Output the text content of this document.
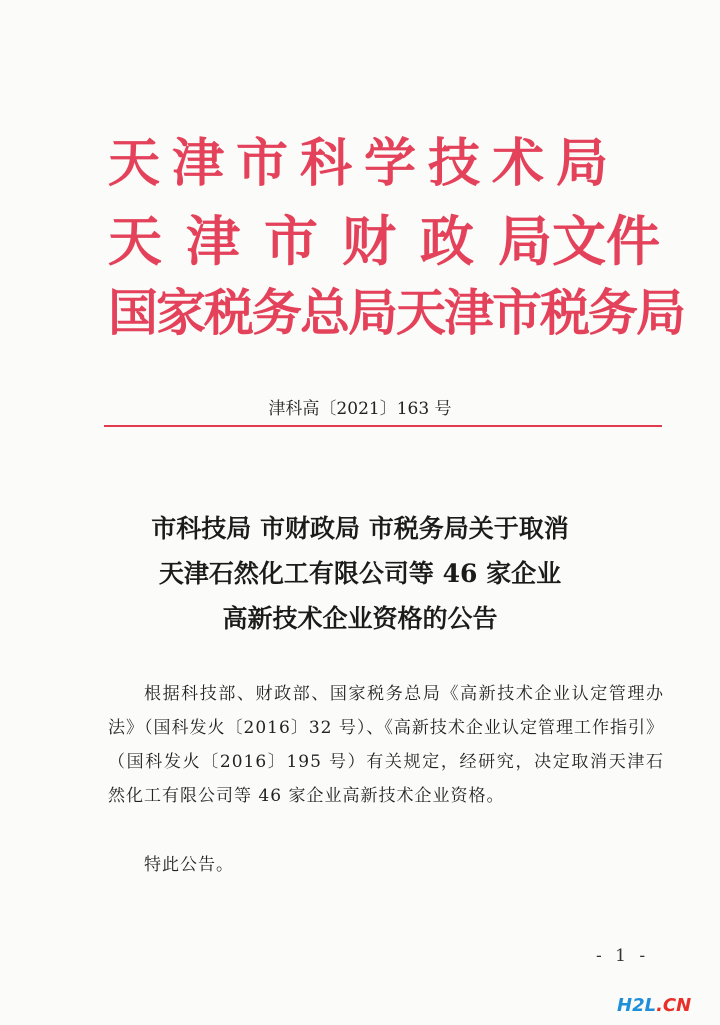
天津市科学技术局
天 津 市 财 政 局文件
国家税务总局天津市税务局
津科高〔2021〕163 号
市科技局 市财政局 市税务局关于取消
天津石然化工有限公司等 46 家企业
高新技术企业资格的公告

根据科技部、财政部、国家税务总局《高新技术企业认定管理办法》（国科发火〔2016〕32 号）、《高新技术企业认定管理工作指引》（国科发火〔2016〕195 号）有关规定，经研究，决定取消天津石然化工有限公司等 46 家企业高新技术企业资格。

特此公告。
- 1 -
H2L.CN
